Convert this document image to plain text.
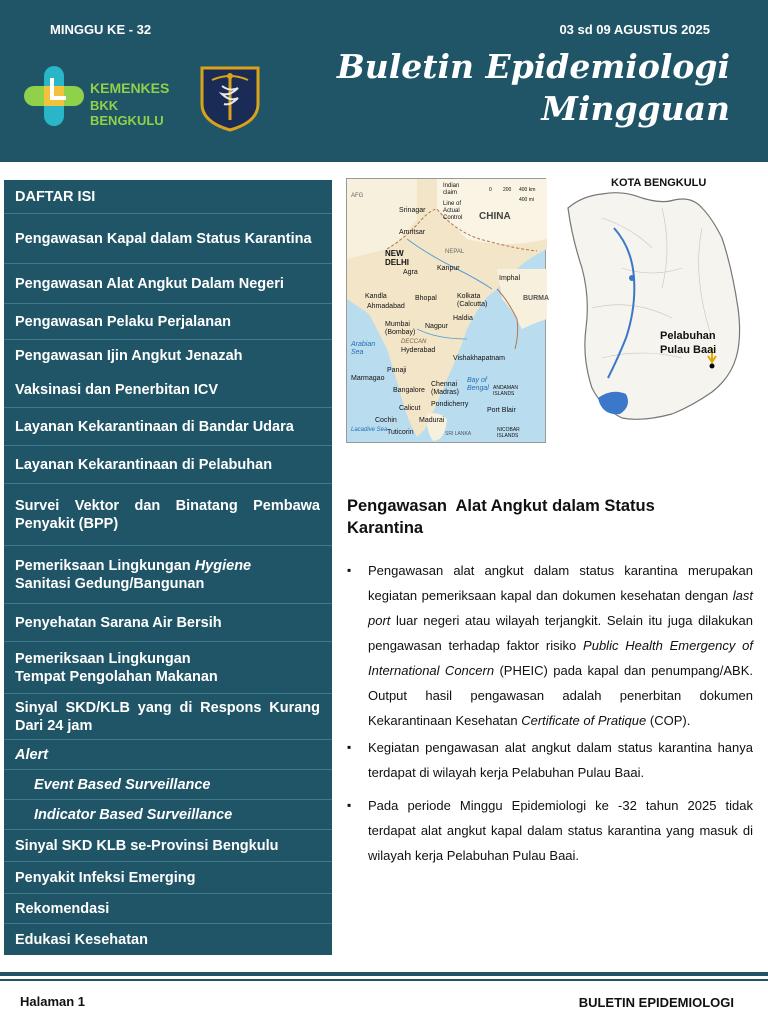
MINGGU KE - 32	03 sd 09 AGUSTUS 2025
KEMENKES
BKK BENGKULU
Buletin Epidemiologi
Mingguan
DAFTAR ISI
Pengawasan Kapal dalam Status Karantina
Pengawasan Alat Angkut Dalam Negeri
Pengawasan Pelaku Perjalanan
Pengawasan Ijin Angkut Jenazah
Vaksinasi dan Penerbitan ICV
Layanan Kekarantinaan di Bandar Udara
Layanan Kekarantinaan di Pelabuhan
Survei Vektor dan Binatang Pembawa Penyakit (BPP)
Pemeriksaan Lingkungan Hygiene
Sanitasi Gedung/Bangunan
Penyehatan Sarana Air Bersih
Pemeriksaan Lingkungan
Tempat Pengolahan Makanan
Sinyal SKD/KLB yang di Respons Kurang Dari 24 jam
Alert
Event Based Surveillance
Indicator Based Surveillance
Sinyal SKD KLB se-Provinsi Bengkulu
Penyakit Infeksi Emerging
Rekomendasi
Edukasi Kesehatan
Indian claim
Line of Actual Control	CHINA
Srinagar
Amritsar
NEW DELHI
Agra
Kanpur
Imphal
Kandla
Ahmadabad
Bhopal	Kolkata (Calcutta)
BURMA
Mumbai (Bombay)
Nagpur
Haldia
DECCAN
Hyderabad
Arabian Sea
Vishakhapatnam
Marmagao
Panaji
Bay of Bengal
Bangalore
Chennai (Madras)
ANDAMAN ISLANDS
Calicut
Pondicherry
Port Blair
Cochin	Madurai
Lacadive Sea Tuticorin	SRI LANKA
NICOBAR ISLANDS
0 200 400 km
400 mi
AFG
NEPAL
KOTA BENGKULU
Pelabuhan
Pulau Baai
Pengawasan  Alat Angkut dalam Status
Karantina
▪ Pengawasan alat angkut dalam status karantina merupakan kegiatan pemeriksaan kapal dan dokumen kesehatan dengan last port luar negeri atau wilayah terjangkit. Selain itu juga dilakukan pengawasan terhadap faktor risiko Public Health Emergency of International Concern (PHEIC) pada kapal dan penumpang/ABK. Output hasil pengawasan adalah penerbitan dokumen Kekarantinaan Kesehatan Certificate of Pratique (COP).
▪ Kegiatan pengawasan alat angkut dalam status karantina hanya terdapat di wilayah kerja Pelabuhan Pulau Baai.
▪ Pada periode Minggu Epidemiologi ke -32 tahun 2025 tidak terdapat alat angkut kapal dalam status karantina yang masuk di wilayah kerja Pelabuhan Pulau Baai.
Halaman 1	BULETIN EPIDEMIOLOGI
